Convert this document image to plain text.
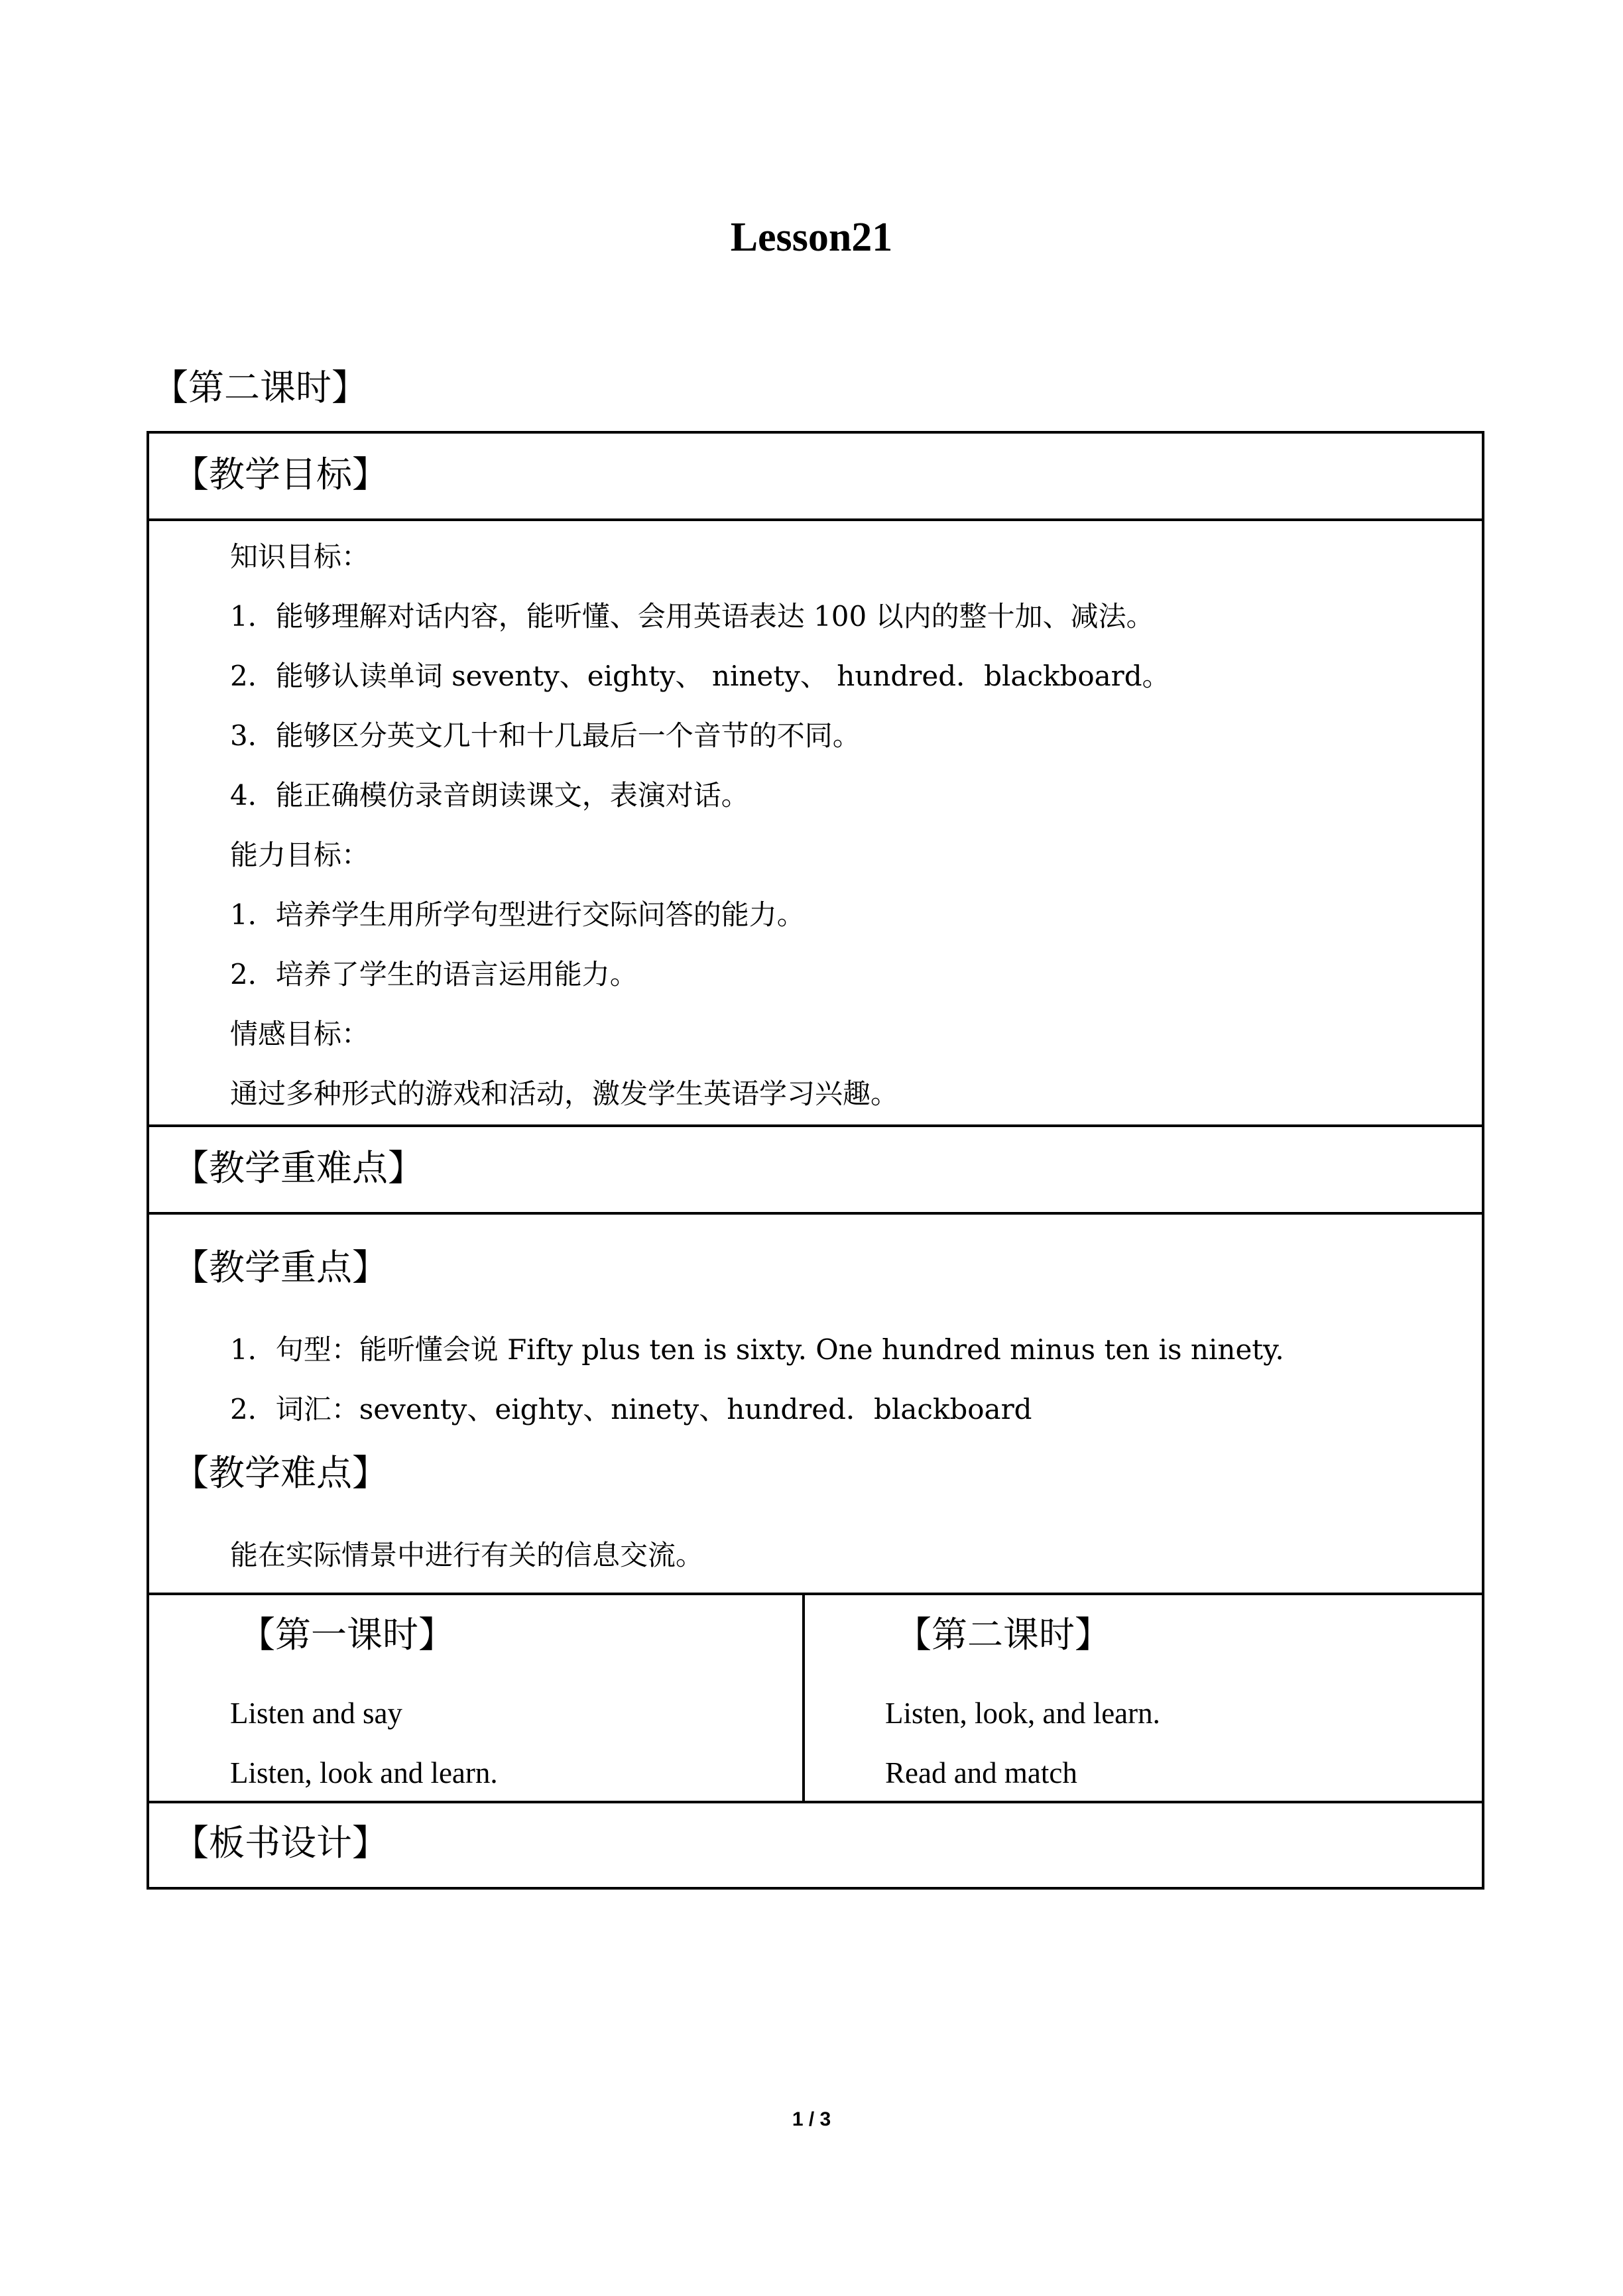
Lesson21
【第二课时】
【教学目标】
知识目标：
1．能够理解对话内容，能听懂、会用英语表达 100 以内的整十加、减法。
2．能够认读单词 seventy、eighty、 ninety、 hundred．blackboard。
3．能够区分英文几十和十几最后一个音节的不同。
4．能正确模仿录音朗读课文，表演对话。
能力目标：
1．培养学生用所学句型进行交际问答的能力。
2．培养了学生的语言运用能力。
情感目标：
通过多种形式的游戏和活动，激发学生英语学习兴趣。
【教学重难点】
【教学重点】
1．句型：能听懂会说 Fifty plus ten is sixty. One hundred minus ten is ninety.
2．词汇：seventy、eighty、ninety、hundred．blackboard
【教学难点】
能在实际情景中进行有关的信息交流。
【第一课时】
Listen and say
Listen, look and learn.
【第二课时】
Listen, look, and learn.
Read and match
【板书设计】
1 / 3
